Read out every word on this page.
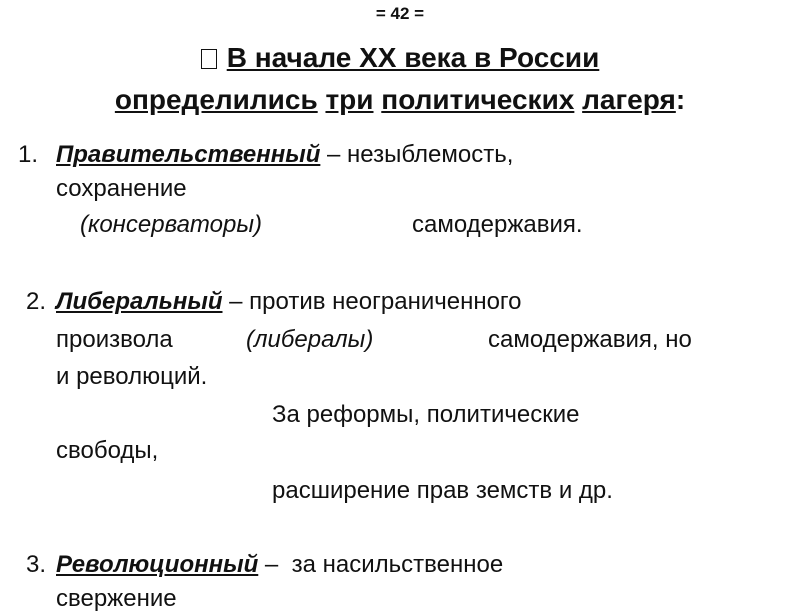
= 42 =
В начале XX века в России
определились три политических лагеря:
1. Правительственный – незыблемость,
сохранение
(консерваторы)	самодержавия.
2. Либеральный – против неограниченного
произвола	(либералы)	самодержавия, но
и революций.
За реформы, политические
свободы,
расширение прав земств и др.
3. Революционный –  за насильственное
свержение
